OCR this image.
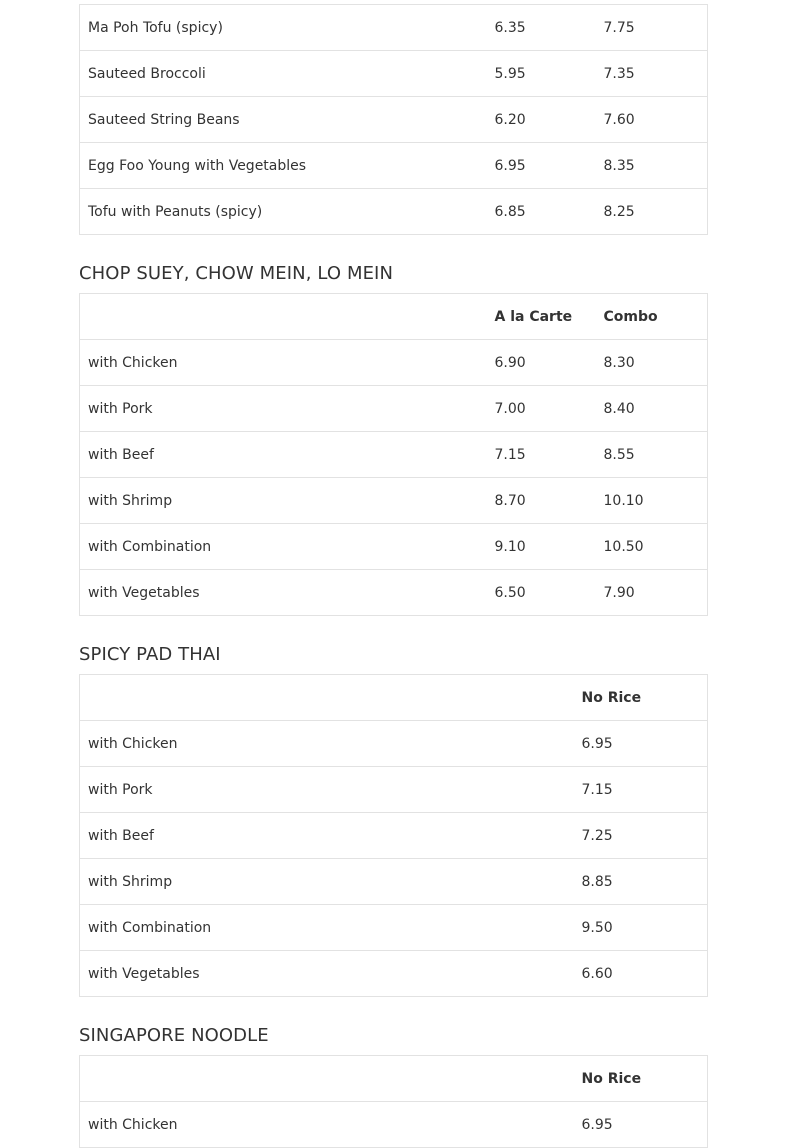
Ma Poh Tofu (spicy)	6.35	7.75
Sauteed Broccoli	5.95	7.35
Sauteed String Beans	6.20	7.60
Egg Foo Young with Vegetables	6.95	8.35
Tofu with Peanuts (spicy)	6.85	8.25
CHOP SUEY, CHOW MEIN, LO MEIN
	A la Carte	Combo
with Chicken	6.90	8.30
with Pork	7.00	8.40
with Beef	7.15	8.55
with Shrimp	8.70	10.10
with Combination	9.10	10.50
with Vegetables	6.50	7.90
SPICY PAD THAI
	No Rice
with Chicken	6.95
with Pork	7.15
with Beef	7.25
with Shrimp	8.85
with Combination	9.50
with Vegetables	6.60
SINGAPORE NOODLE
	No Rice
with Chicken	6.95
